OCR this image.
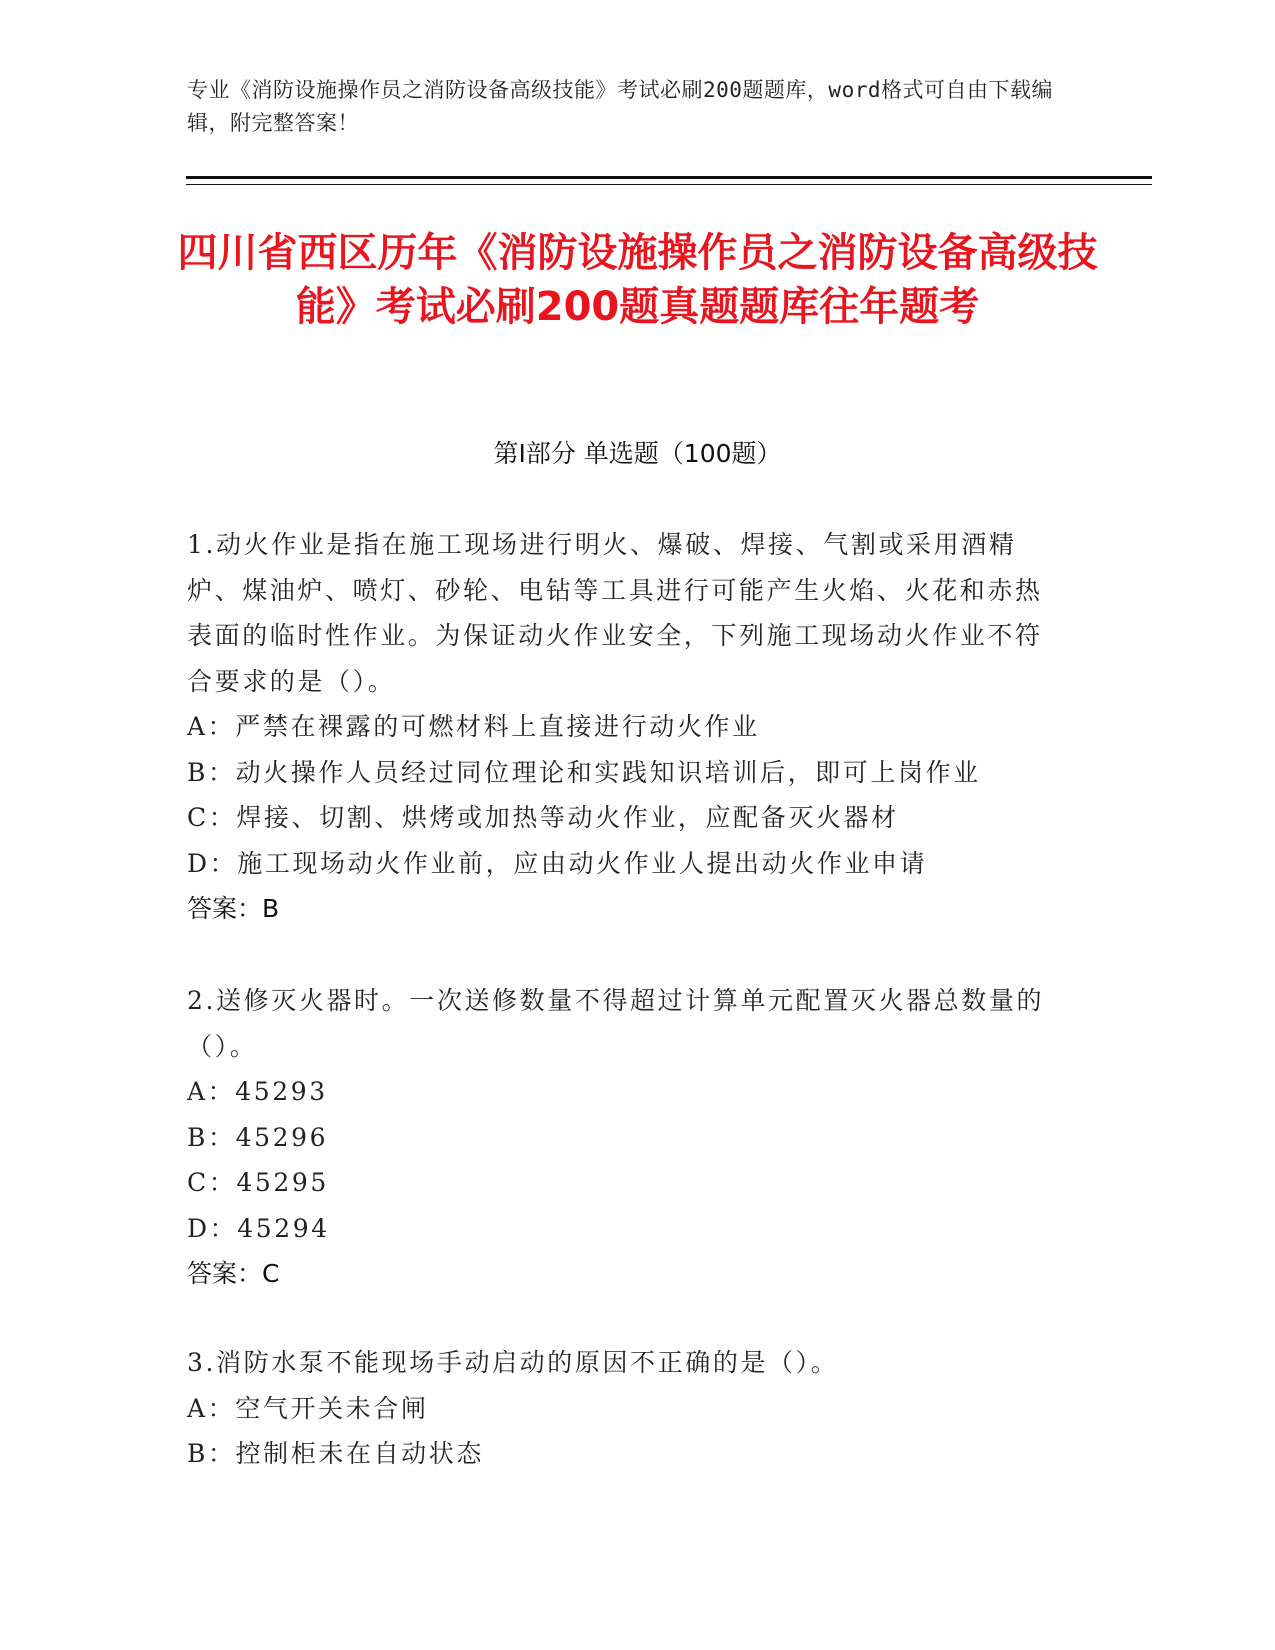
专业《消防设施操作员之消防设备高级技能》考试必刷200题题库，word格式可自由下载编辑，附完整答案！
四川省西区历年《消防设施操作员之消防设备高级技能》考试必刷200题真题题库往年题考
第I部分 单选题（100题）

1.动火作业是指在施工现场进行明火、爆破、焊接、气割或采用酒精炉、煤油炉、喷灯、砂轮、电钻等工具进行可能产生火焰、火花和赤热表面的临时性作业。为保证动火作业安全，下列施工现场动火作业不符合要求的是（）。

A：严禁在裸露的可燃材料上直接进行动火作业

B：动火操作人员经过同位理论和实践知识培训后，即可上岗作业

C：焊接、切割、烘烤或加热等动火作业，应配备灭火器材

D：施工现场动火作业前，应由动火作业人提出动火作业申请

答案：B

2.送修灭火器时。一次送修数量不得超过计算单元配置灭火器总数量的（）。

A：45293

B：45296

C：45295

D：45294

答案：C

3.消防水泵不能现场手动启动的原因不正确的是（）。

A：空气开关未合闸

B：控制柜未在自动状态
